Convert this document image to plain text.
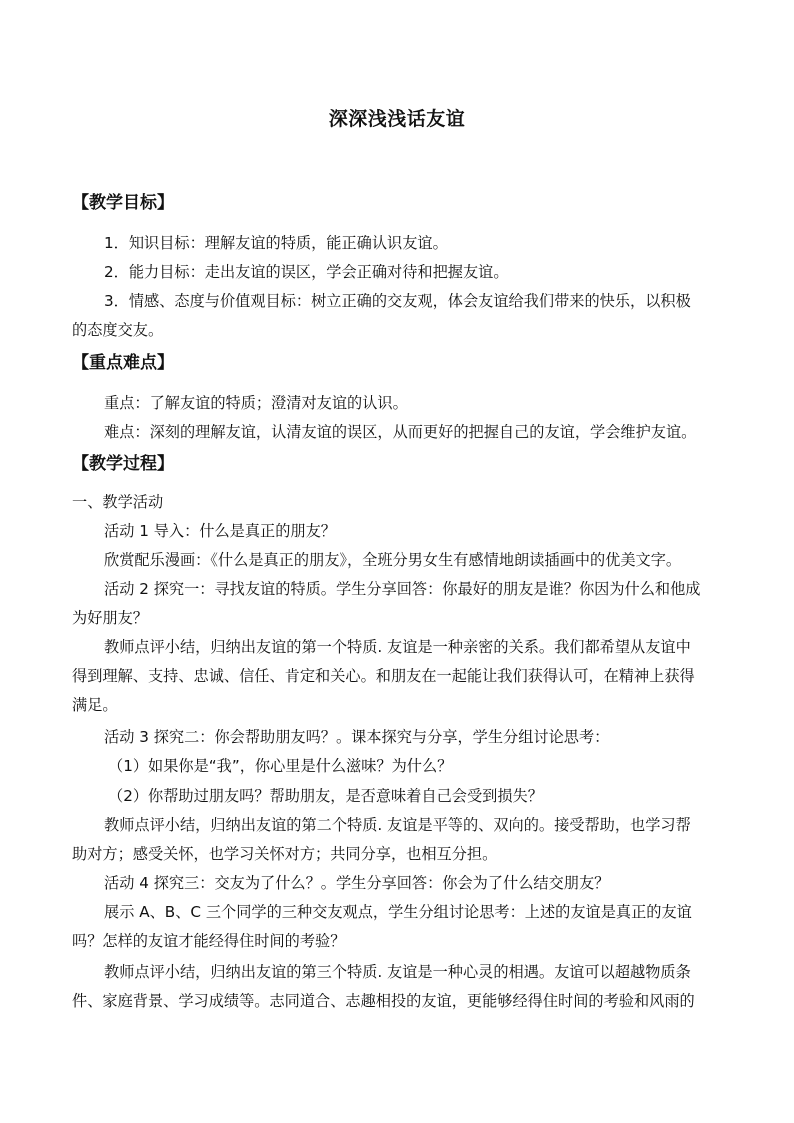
深深浅浅话友谊
【教学目标】
1．知识目标：理解友谊的特质，能正确认识友谊。
2．能力目标：走出友谊的误区，学会正确对待和把握友谊。
3．情感、态度与价值观目标：树立正确的交友观，体会友谊给我们带来的快乐，以积极
的态度交友。
【重点难点】
重点：了解友谊的特质；澄清对友谊的认识。
难点：深刻的理解友谊，认清友谊的误区，从而更好的把握自己的友谊，学会维护友谊。
【教学过程】
一、教学活动
活动 1 导入：什么是真正的朋友？
欣赏配乐漫画：《什么是真正的朋友》，全班分男女生有感情地朗读插画中的优美文字。
活动 2 探究一：寻找友谊的特质。学生分享回答：你最好的朋友是谁？你因为什么和他成
为好朋友？
教师点评小结，归纳出友谊的第一个特质. 友谊是一种亲密的关系。我们都希望从友谊中
得到理解、支持、忠诚、信任、肯定和关心。和朋友在一起能让我们获得认可，在精神上获得
满足。
活动 3 探究二：你会帮助朋友吗？。课本探究与分享，学生分组讨论思考：
（1）如果你是“我”，你心里是什么滋味？为什么？
（2）你帮助过朋友吗？帮助朋友，是否意味着自己会受到损失？
教师点评小结，归纳出友谊的第二个特质. 友谊是平等的、双向的。接受帮助，也学习帮
助对方；感受关怀，也学习关怀对方；共同分享，也相互分担。
活动 4 探究三：交友为了什么？。学生分享回答：你会为了什么结交朋友？
展示 A、B、C 三个同学的三种交友观点，学生分组讨论思考：上述的友谊是真正的友谊
吗？怎样的友谊才能经得住时间的考验？
教师点评小结，归纳出友谊的第三个特质. 友谊是一种心灵的相遇。友谊可以超越物质条
件、家庭背景、学习成绩等。志同道合、志趣相投的友谊，更能够经得住时间的考验和风雨的
